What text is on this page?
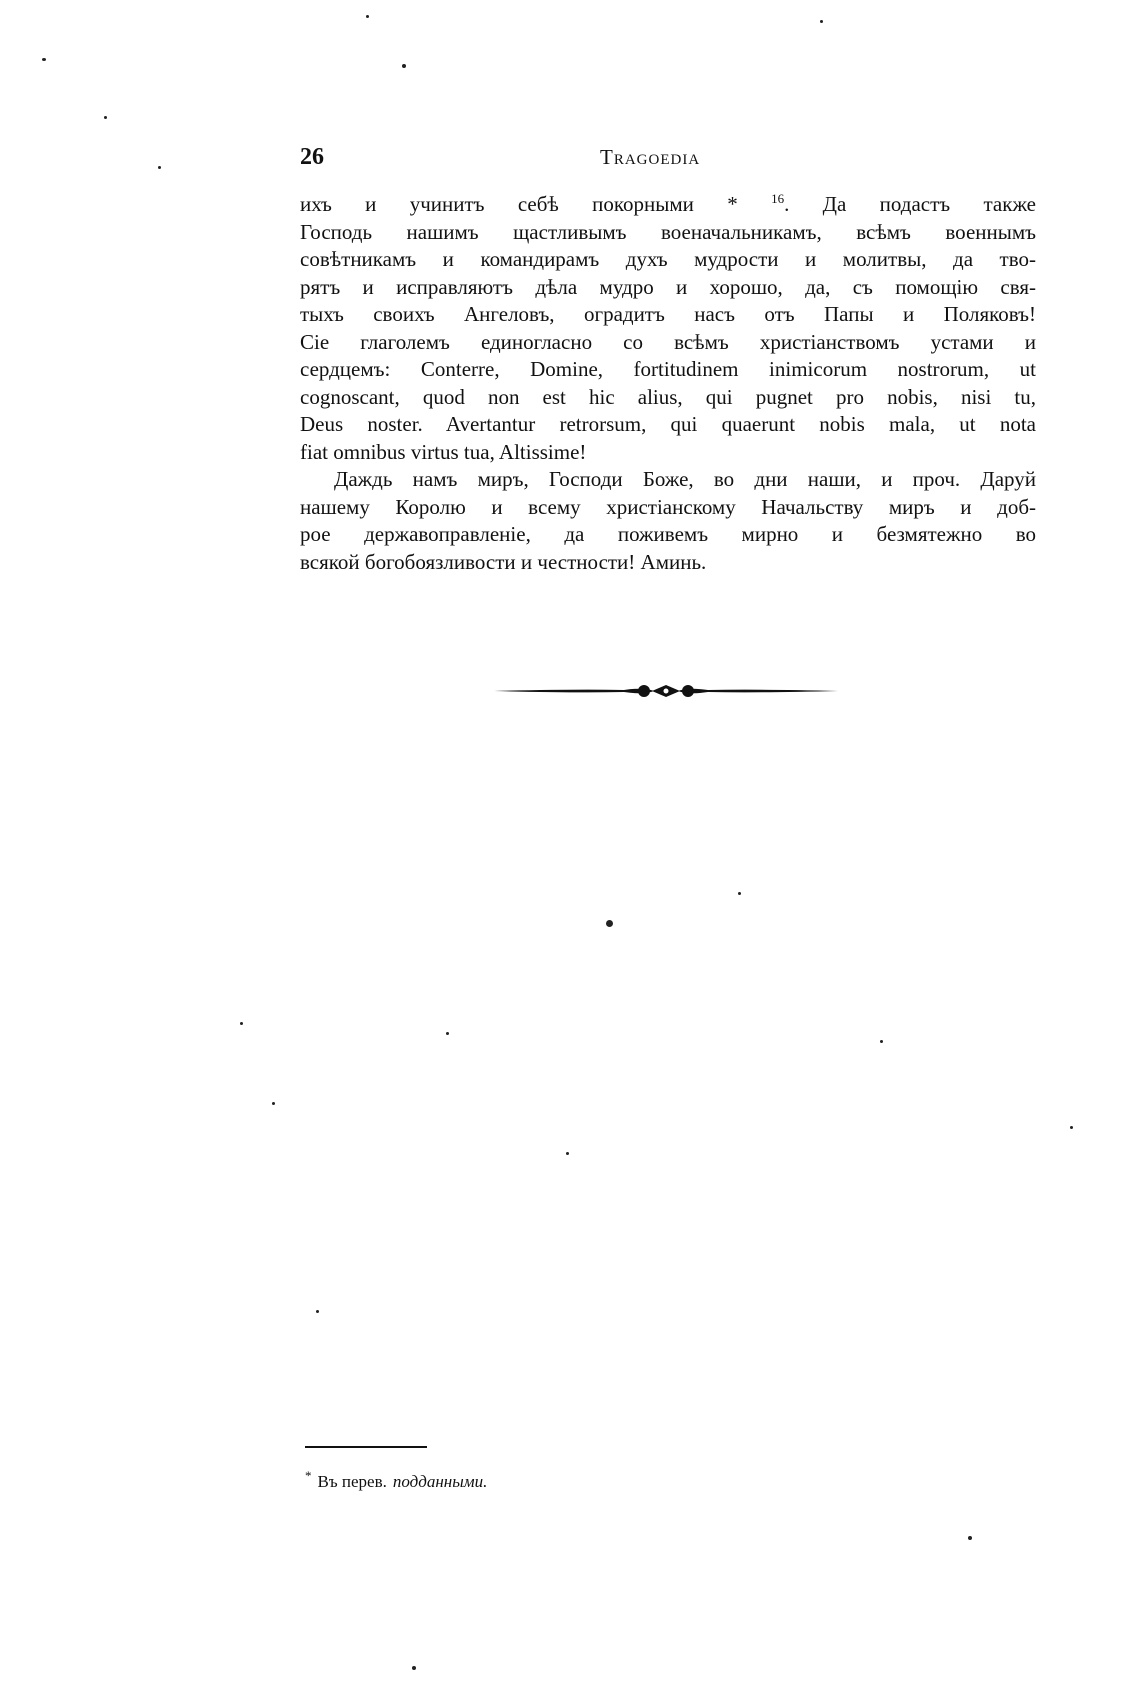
26	Tragoedia
ихъ и учинитъ себѣ покорными * $^{16}$. Да подастъ также
Господь нашимъ щастливымъ военачальникамъ, всѣмъ военнымъ
совѣтникамъ и командирамъ духъ мудрости и молитвы, да тво-
рятъ и исправляютъ дѣла мудро и хорошо, да, съ помощію свя-
тыхъ своихъ Ангеловъ, оградитъ насъ отъ Папы и Поляковъ!
Сіе глаголемъ единогласно со всѣмъ христіанствомъ устами и
сердцемъ: Conterre, Domine, fortitudinem inimicorum nostrorum, ut
cognoscant, quod non est hic alius, qui pugnet pro nobis, nisi tu,
Deus noster. Avertantur retrorsum, qui quaerunt nobis mala, ut nota
fiat omnibus virtus tua, Altissime!
Даждь намъ миръ, Господи Боже, во дни наши, и проч. Даруй
нашему Королю и всему христіанскому Начальству миръ и доб-
рое державоправленіе, да поживемъ мирно и безмятежно во
всякой богобоязливости и честности! Аминь.
* Въ перев. подданными.
